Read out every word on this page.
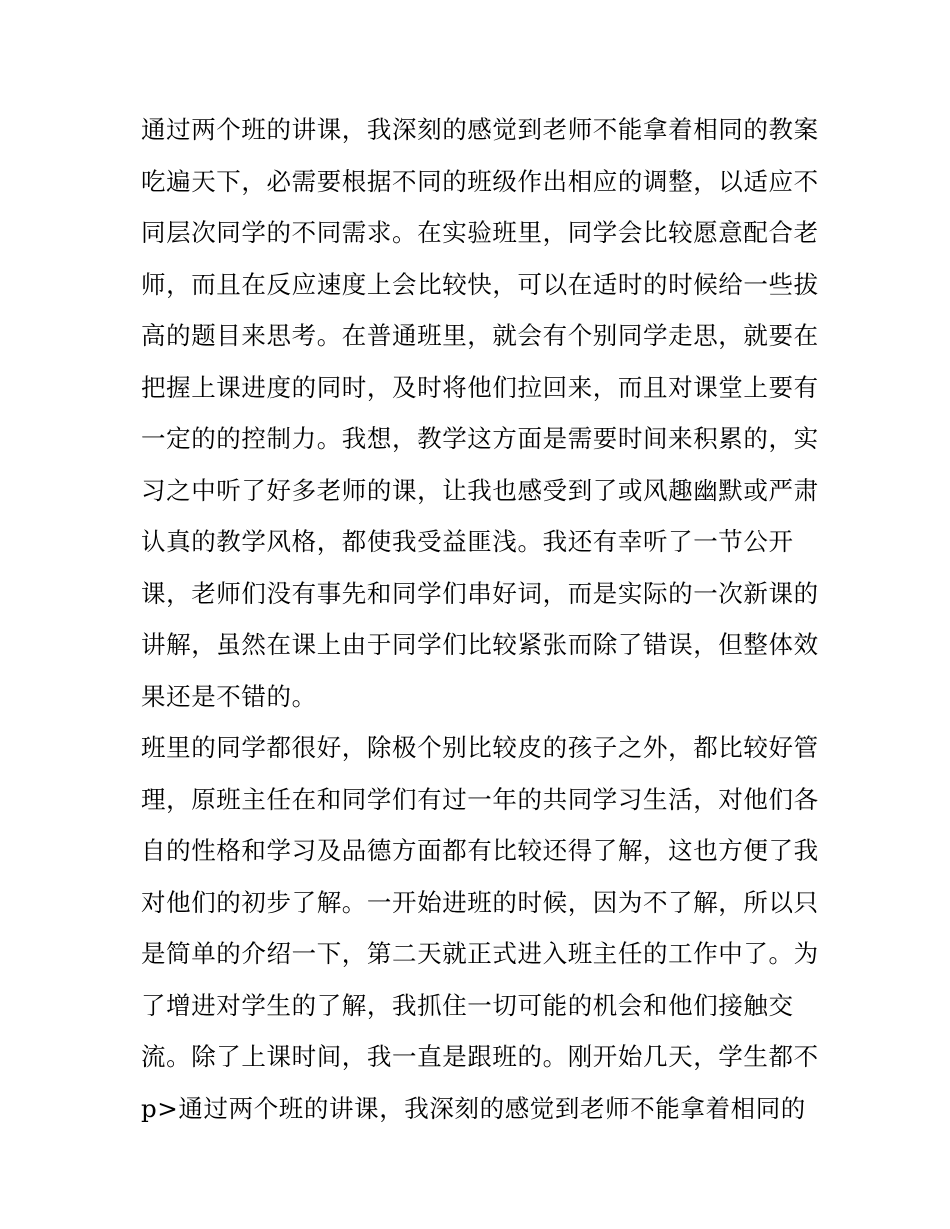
通过两个班的讲课，我深刻的感觉到老师不能拿着相同的教案
吃遍天下，必需要根据不同的班级作出相应的调整，以适应不
同层次同学的不同需求。在实验班里，同学会比较愿意配合老
师，而且在反应速度上会比较快，可以在适时的时候给一些拔
高的题目来思考。在普通班里，就会有个别同学走思，就要在
把握上课进度的同时，及时将他们拉回来，而且对课堂上要有
一定的的控制力。我想，教学这方面是需要时间来积累的，实
习之中听了好多老师的课，让我也感受到了或风趣幽默或严肃
认真的教学风格，都使我受益匪浅。我还有幸听了一节公开
课，老师们没有事先和同学们串好词，而是实际的一次新课的
讲解，虽然在课上由于同学们比较紧张而除了错误，但整体效
果还是不错的。
班里的同学都很好，除极个别比较皮的孩子之外，都比较好管
理，原班主任在和同学们有过一年的共同学习生活，对他们各
自的性格和学习及品德方面都有比较还得了解，这也方便了我
对他们的初步了解。一开始进班的时候，因为不了解，所以只
是简单的介绍一下，第二天就正式进入班主任的工作中了。为
了增进对学生的了解，我抓住一切可能的机会和他们接触交
流。除了上课时间，我一直是跟班的。刚开始几天，学生都不
p>通过两个班的讲课，我深刻的感觉到老师不能拿着相同的
